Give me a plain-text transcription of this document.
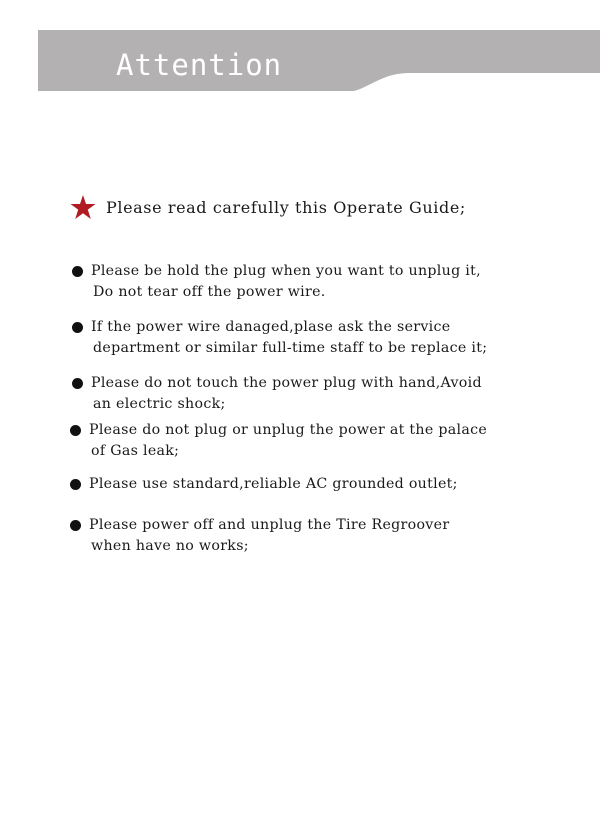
Attention
Please read carefully this Operate Guide;
Please be hold the plug when you want to unplug it,
Do not tear off the power wire.
If the power wire danaged,plase ask the service
department or similar full-time staff to be replace it;
Please do not touch the power plug with hand,Avoid
an electric shock;
Please do not plug or unplug the power at the palace
of Gas leak;
Please use standard,reliable AC grounded outlet;
Please power off and unplug the Tire Regroover
when have no works;
